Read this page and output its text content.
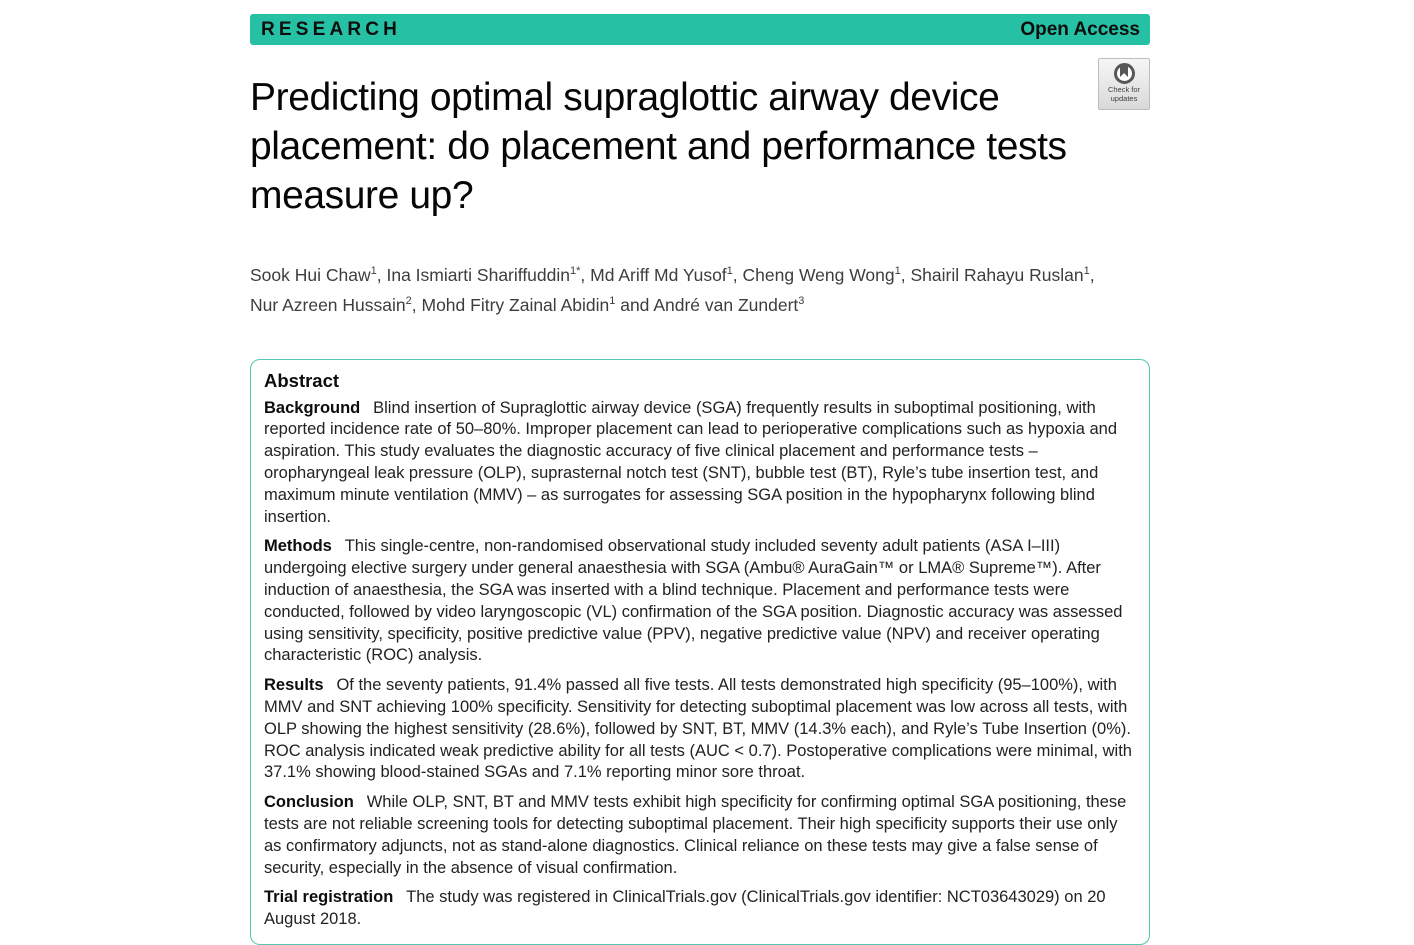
RESEARCH	Open Access
Predicting optimal supraglottic airway device placement: do placement and performance tests measure up?

Sook Hui Chaw$^1$, Ina Ismiarti Shariffuddin$^{1*}$, Md Ariff Md Yusof$^1$, Cheng Weng Wong$^1$, Shairil Rahayu Ruslan$^1$, Nur Azreen Hussain$^2$, Mohd Fitry Zainal Abidin$^1$ and André van Zundert$^3$

Abstract

Background  Blind insertion of Supraglottic airway device (SGA) frequently results in suboptimal positioning, with reported incidence rate of 50–80%. Improper placement can lead to perioperative complications such as hypoxia and aspiration. This study evaluates the diagnostic accuracy of five clinical placement and performance tests – oropharyngeal leak pressure (OLP), suprasternal notch test (SNT), bubble test (BT), Ryle’s tube insertion test, and maximum minute ventilation (MMV) – as surrogates for assessing SGA position in the hypopharynx following blind insertion.

Methods  This single-centre, non-randomised observational study included seventy adult patients (ASA I–III) undergoing elective surgery under general anaesthesia with SGA (Ambu® AuraGain™ or LMA® Supreme™). After induction of anaesthesia, the SGA was inserted with a blind technique. Placement and performance tests were conducted, followed by video laryngoscopic (VL) confirmation of the SGA position. Diagnostic accuracy was assessed using sensitivity, specificity, positive predictive value (PPV), negative predictive value (NPV) and receiver operating characteristic (ROC) analysis.

Results  Of the seventy patients, 91.4% passed all five tests. All tests demonstrated high specificity (95–100%), with MMV and SNT achieving 100% specificity. Sensitivity for detecting suboptimal placement was low across all tests, with OLP showing the highest sensitivity (28.6%), followed by SNT, BT, MMV (14.3% each), and Ryle’s Tube Insertion (0%). ROC analysis indicated weak predictive ability for all tests (AUC < 0.7). Postoperative complications were minimal, with 37.1% showing blood-stained SGAs and 7.1% reporting minor sore throat.

Conclusion  While OLP, SNT, BT and MMV tests exhibit high specificity for confirming optimal SGA positioning, these tests are not reliable screening tools for detecting suboptimal placement. Their high specificity supports their use only as confirmatory adjuncts, not as stand-alone diagnostics. Clinical reliance on these tests may give a false sense of security, especially in the absence of visual confirmation.

Trial registration  The study was registered in ClinicalTrials.gov (ClinicalTrials.gov identifier: NCT03643029) on 20 August 2018.

Check for
updates
